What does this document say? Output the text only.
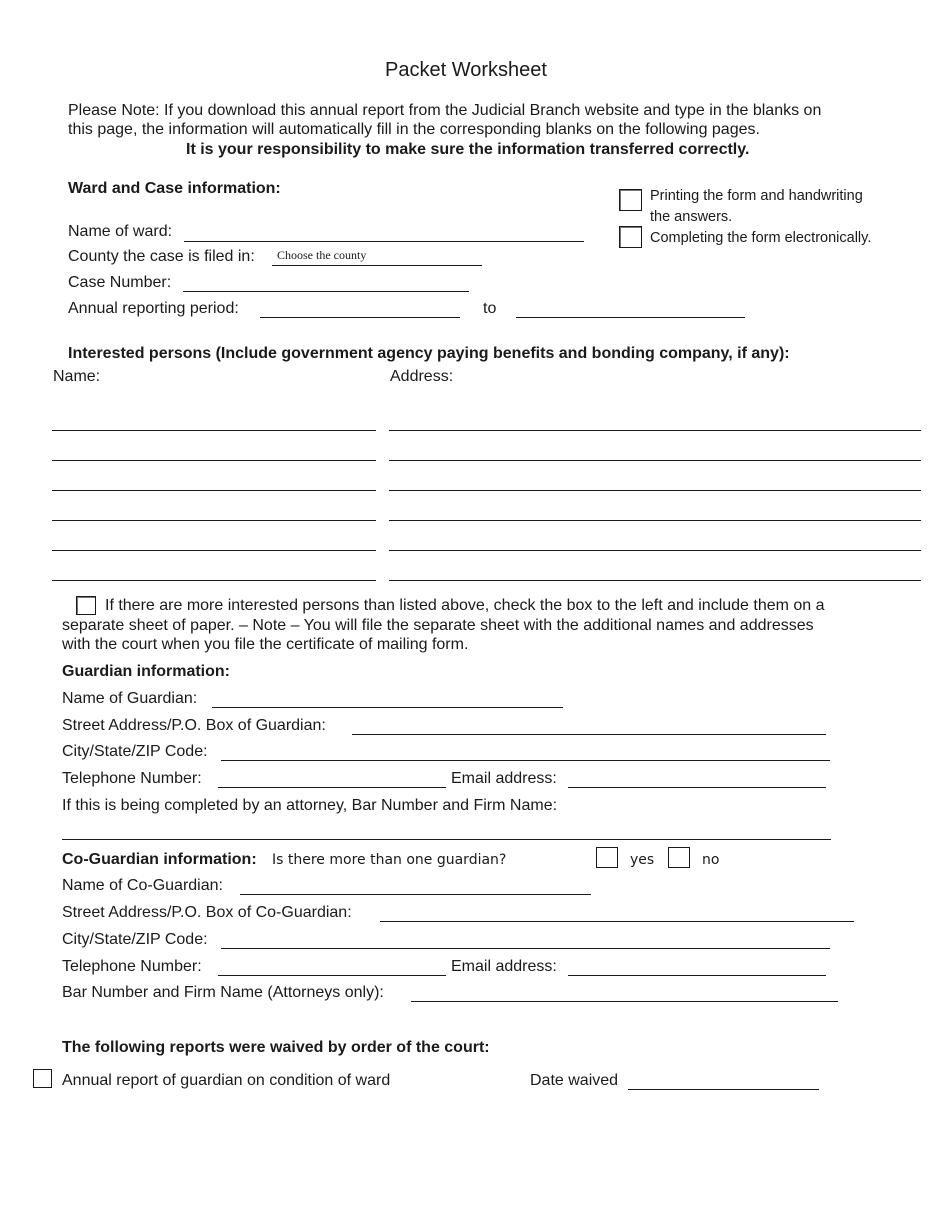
Packet Worksheet
Please Note: If you download this annual report from the Judicial Branch website and type in the blanks on
this page, the information will automatically fill in the corresponding blanks on the following pages.
It is your responsibility to make sure the information transferred correctly.
Ward and Case information:
Name of ward:
County the case is filed in: Choose the county
Case Number:
Annual reporting period:	to
Printing the form and handwriting
the answers.
Completing the form electronically.
Interested persons (Include government agency paying benefits and bonding company, if any):
Name:	Address:
If there are more interested persons than listed above, check the box to the left and include them on a
separate sheet of paper. – Note – You will file the separate sheet with the additional names and addresses
with the court when you file the certificate of mailing form.
Guardian information:
Name of Guardian:
Street Address/P.O. Box of Guardian:
City/State/ZIP Code:
Telephone Number:	Email address:
If this is being completed by an attorney, Bar Number and Firm Name:
Co-Guardian information: Is there more than one guardian?	yes	no
Name of Co-Guardian:
Street Address/P.O. Box of Co-Guardian:
City/State/ZIP Code:
Telephone Number:	Email address:
Bar Number and Firm Name (Attorneys only):
The following reports were waived by order of the court:
Annual report of guardian on condition of ward	Date waived
